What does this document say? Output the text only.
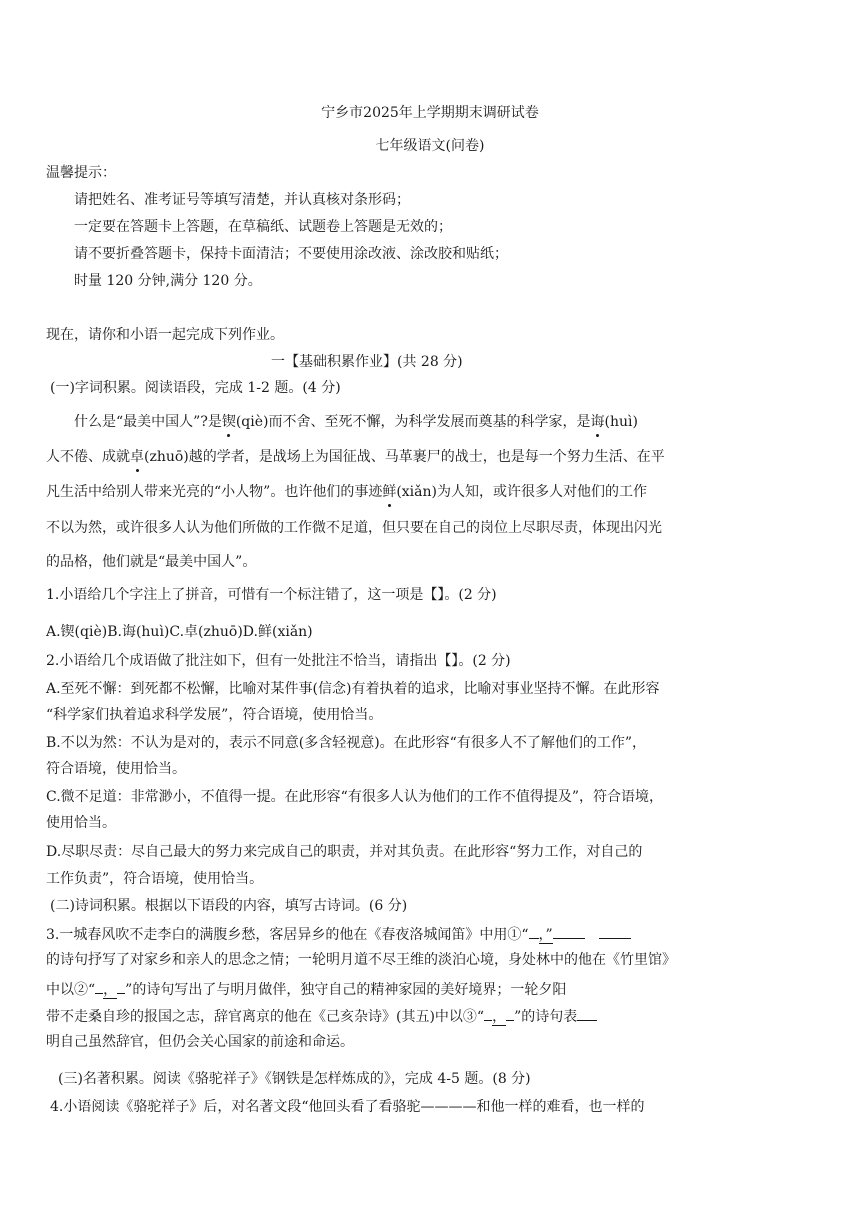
宁乡市2025年上学期期末调研试卷
七年级语文(问卷)
温馨提示：
请把姓名、准考证号等填写清楚，并认真核对条形码；
一定要在答题卡上答题，在草稿纸、试题卷上答题是无效的；
请不要折叠答题卡，保持卡面清洁；不要使用涂改液、涂改胶和贴纸；
时量 120 分钟,满分 120 分。
现在，请你和小语一起完成下列作业。
一【基础积累作业】(共 28 分)
(一)字词积累。阅读语段，完成 1-2 题。(4 分)
什么是“最美中国人”?是锲(qiè)而不舍、至死不懈，为科学发展而奠基的科学家，是诲(huì)
人不倦、成就卓(zhuō)越的学者，是战场上为国征战、马革裹尸的战士，也是每一个努力生活、在平
凡生活中给别人带来光亮的“小人物”。也许他们的事迹鲜(xiǎn)为人知，或许很多人对他们的工作
不以为然，或许很多人认为他们所做的工作微不足道，但只要在自己的岗位上尽职尽责，体现出闪光
的品格，他们就是“最美中国人”。
1.小语给几个字注上了拼音，可惜有一个标注错了，这一项是【】。(2 分)
A.锲(qiè)B.诲(huì)C.卓(zhuō)D.鲜(xiǎn)
2.小语给几个成语做了批注如下，但有一处批注不恰当，请指出【】。(2 分)
A.至死不懈：到死都不松懈，比喻对某件事(信念)有着执着的追求，比喻对事业坚持不懈。在此形容
“科学家们执着追求科学发展”，符合语境，使用恰当。
B.不以为然：不认为是对的，表示不同意(多含轻视意)。在此形容“有很多人不了解他们的工作”，
符合语境，使用恰当。
C.微不足道：非常渺小，不值得一提。在此形容“有很多人认为他们的工作不值得提及”，符合语境，
使用恰当。
D.尽职尽责：尽自己最大的努力来完成自己的职责，并对其负责。在此形容“努力工作，对自己的
工作负责”，符合语境，使用恰当。
(二)诗词积累。根据以下语段的内容，填写古诗词。(6 分)
3.一城春风吹不走李白的满腹乡愁，客居异乡的他在《春夜洛城闻笛》中用①“ ，”
的诗句抒写了对家乡和亲人的思念之情；一轮明月道不尽王维的淡泊心境，身处林中的他在《竹里馆》
中以②“ ， ”的诗句写出了与明月做伴，独守自己的精神家园的美好境界；一轮夕阳
带不走桑自珍的报国之志，辞官离京的他在《己亥杂诗》(其五)中以③“ ， ”的诗句表
明自己虽然辞官，但仍会关心国家的前途和命运。
(三)名著积累。阅读《骆驼祥子》《钢铁是怎样炼成的》，完成 4-5 题。(8 分)
4.小语阅读《骆驼祥子》后，对名著文段“他回头看了看骆驼————和他一样的难看，也一样的
